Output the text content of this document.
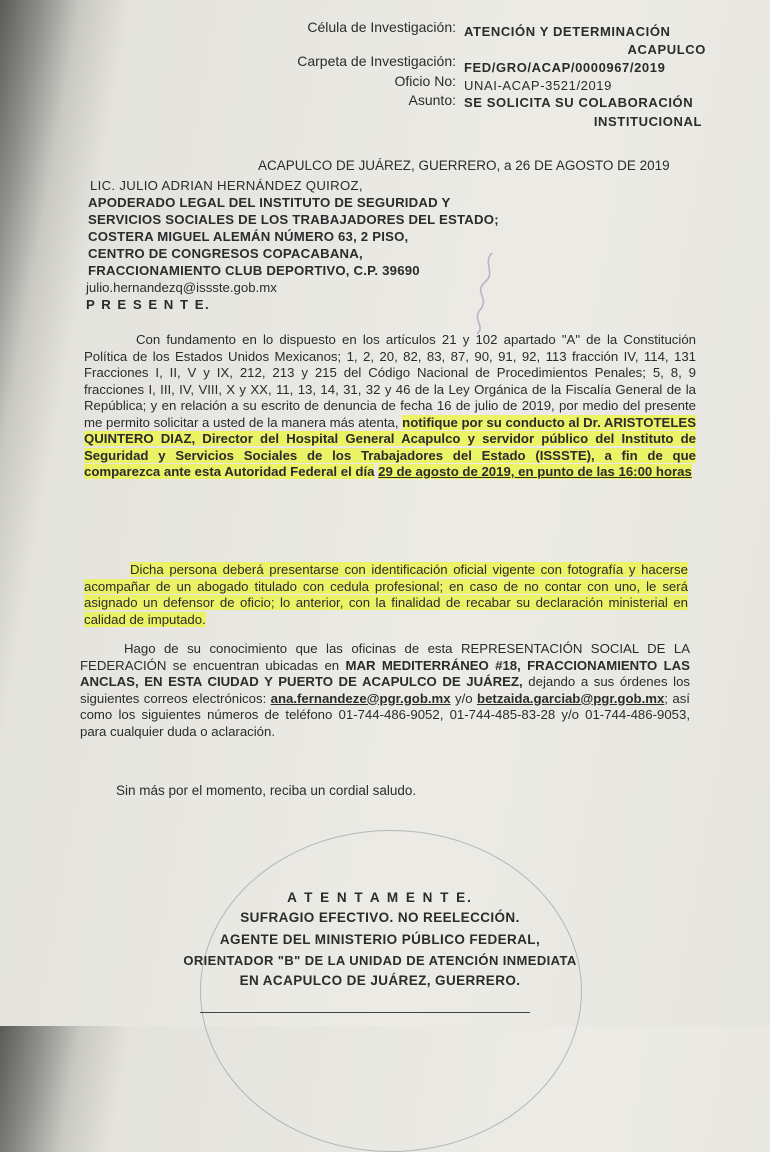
Célula de Investigación: ATENCIÓN Y DETERMINACIÓN
ACAPULCO
Carpeta de Investigación: FED/GRO/ACAP/0000967/2019
Oficio No: UNAI-ACAP-3521/2019
Asunto: SE SOLICITA SU COLABORACIÓN
INSTITUCIONAL
ACAPULCO DE JUÁREZ, GUERRERO, a 26 DE AGOSTO DE 2019
LIC. JULIO ADRIAN HERNÁNDEZ QUIROZ,
APODERADO LEGAL DEL INSTITUTO DE SEGURIDAD Y
SERVICIOS SOCIALES DE LOS TRABAJADORES DEL ESTADO;
COSTERA MIGUEL ALEMÁN NÚMERO 63, 2 PISO,
CENTRO DE CONGRESOS COPACABANA,
FRACCIONAMIENTO CLUB DEPORTIVO, C.P. 39690
julio.hernandezq@issste.gob.mx
P R E S E N T E.
Con fundamento en lo dispuesto en los artículos 21 y 102 apartado "A" de la Constitución Política de los Estados Unidos Mexicanos; 1, 2, 20, 82, 83, 87, 90, 91, 92, 113 fracción IV, 114, 131 Fracciones I, II, V y IX, 212, 213 y 215 del Código Nacional de Procedimientos Penales; 5, 8, 9 fracciones I, III, IV, VIII, X y XX, 11, 13, 14, 31, 32 y 46 de la Ley Orgánica de la Fiscalía General de la República; y en relación a su escrito de denuncia de fecha 16 de julio de 2019, por medio del presente me permito solicitar a usted de la manera más atenta, notifique por su conducto al Dr. ARISTOTELES QUINTERO DIAZ, Director del Hospital General Acapulco y servidor público del Instituto de Seguridad y Servicios Sociales de los Trabajadores del Estado (ISSSTE), a fin de que comparezca ante esta Autoridad Federal el día 29 de agosto de 2019, en punto de las 16:00 horas
Dicha persona deberá presentarse con identificación oficial vigente con fotografía y hacerse acompañar de un abogado titulado con cedula profesional; en caso de no contar con uno, le será asignado un defensor de oficio; lo anterior, con la finalidad de recabar su declaración ministerial en calidad de imputado.
Hago de su conocimiento que las oficinas de esta REPRESENTACIÓN SOCIAL DE LA FEDERACIÓN se encuentran ubicadas en MAR MEDITERRÁNEO #18, FRACCIONAMIENTO LAS ANCLAS, EN ESTA CIUDAD Y PUERTO DE ACAPULCO DE JUÁREZ, dejando a sus órdenes los siguientes correos electrónicos: ana.fernandeze@pgr.gob.mx y/o betzaida.garciab@pgr.gob.mx; así como los siguientes números de teléfono 01-744-486-9052, 01-744-485-83-28 y/o 01-744-486-9053, para cualquier duda o aclaración.
Sin más por el momento, reciba un cordial saludo.
A T E N T A M E N T E.
SUFRAGIO EFECTIVO. NO REELECCIÓN.
AGENTE DEL MINISTERIO PÚBLICO FEDERAL,
ORIENTADOR "B" DE LA UNIDAD DE ATENCIÓN INMEDIATA
EN ACAPULCO DE JUÁREZ, GUERRERO.
